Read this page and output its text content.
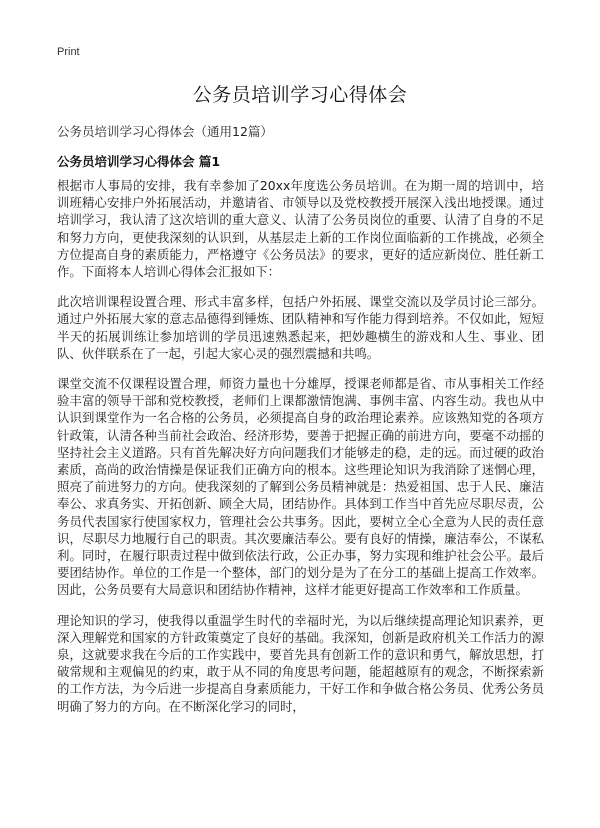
Print
公务员培训学习心得体会
公务员培训学习心得体会（通用12篇）
公务员培训学习心得体会 篇1

根据市人事局的安排，我有幸参加了20xx年度选公务员培训。在为期一周的培训中，培训班精心安排户外拓展活动，并邀请省、市领导以及党校教授开展深入浅出地授课。通过培训学习，我认清了这次培训的重大意义、认清了公务员岗位的重要、认清了自身的不足和努力方向，更使我深刻的认识到，从基层走上新的工作岗位面临新的工作挑战，必须全方位提高自身的素质能力，严格遵守《公务员法》的要求，更好的适应新岗位、胜任新工作。下面将本人培训心得体会汇报如下：

此次培训课程设置合理、形式丰富多样，包括户外拓展、课堂交流以及学员讨论三部分。通过户外拓展大家的意志品德得到锤炼、团队精神和写作能力得到培养。不仅如此，短短半天的拓展训练让参加培训的学员迅速熟悉起来，把妙趣横生的游戏和人生、事业、团队、伙伴联系在了一起，引起大家心灵的强烈震撼和共鸣。

课堂交流不仅课程设置合理，师资力量也十分雄厚，授课老师都是省、市从事相关工作经验丰富的领导干部和党校教授，老师们上课都激情饱满、事例丰富、内容生动。我也从中认识到课堂作为一名合格的公务员，必须提高自身的政治理论素养。应该熟知党的各项方针政策，认清各种当前社会政治、经济形势，要善于把握正确的前进方向，要毫不动摇的坚持社会主义道路。只有首先解决好方向问题我们才能够走的稳，走的远。而过硬的政治素质，高尚的政治情操是保证我们正确方向的根本。这些理论知识为我消除了迷惘心理，照亮了前进努力的方向。使我深刻的了解到公务员精神就是：热爱祖国、忠于人民、廉洁奉公、求真务实、开拓创新、顾全大局，团结协作。具体到工作当中首先应尽职尽责，公务员代表国家行使国家权力，管理社会公共事务。因此，要树立全心全意为人民的责任意识，尽职尽力地履行自己的职责。其次要廉洁奉公。要有良好的情操，廉洁奉公，不谋私利。同时，在履行职责过程中做到依法行政，公正办事，努力实现和维护社会公平。最后要团结协作。单位的工作是一个整体，部门的划分是为了在分工的基础上提高工作效率。因此，公务员要有大局意识和团结协作精神，这样才能更好提高工作效率和工作质量。

理论知识的学习，使我得以重温学生时代的幸福时光，为以后继续提高理论知识素养，更深入理解党和国家的方针政策奠定了良好的基础。我深知，创新是政府机关工作活力的源泉，这就要求我在今后的工作实践中，要首先具有创新工作的意识和勇气，解放思想，打破常规和主观偏见的约束，敢于从不同的角度思考问题，能超越原有的观念，不断探索新的工作方法，为今后进一步提高自身素质能力，干好工作和争做合格公务员、优秀公务员明确了努力的方向。在不断深化学习的同时，
